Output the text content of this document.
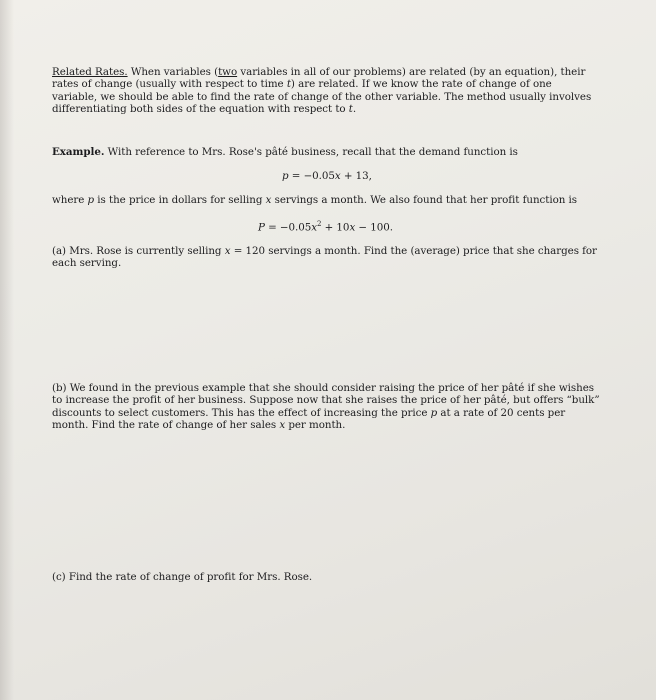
Related Rates. When variables (two variables in all of our problems) are related (by an equation), their rates of change (usually with respect to time t) are related. If we know the rate of change of one variable, we should be able to find the rate of change of the other variable. The method usually involves differentiating both sides of the equation with respect to t.
Example. With reference to Mrs. Rose's pâté business, recall that the demand function is
p = −0.05x + 13,
where p is the price in dollars for selling x servings a month. We also found that her profit function is
$P = -0.05x^2 + 10x - 100$.
(a) Mrs. Rose is currently selling x = 120 servings a month. Find the (average) price that she charges for each serving.
(b) We found in the previous example that she should consider raising the price of her pâté if she wishes to increase the profit of her business. Suppose now that she raises the price of her pâté, but offers “bulk” discounts to select customers. This has the effect of increasing the price p at a rate of 20 cents per month. Find the rate of change of her sales x per month.
(c) Find the rate of change of profit for Mrs. Rose.
